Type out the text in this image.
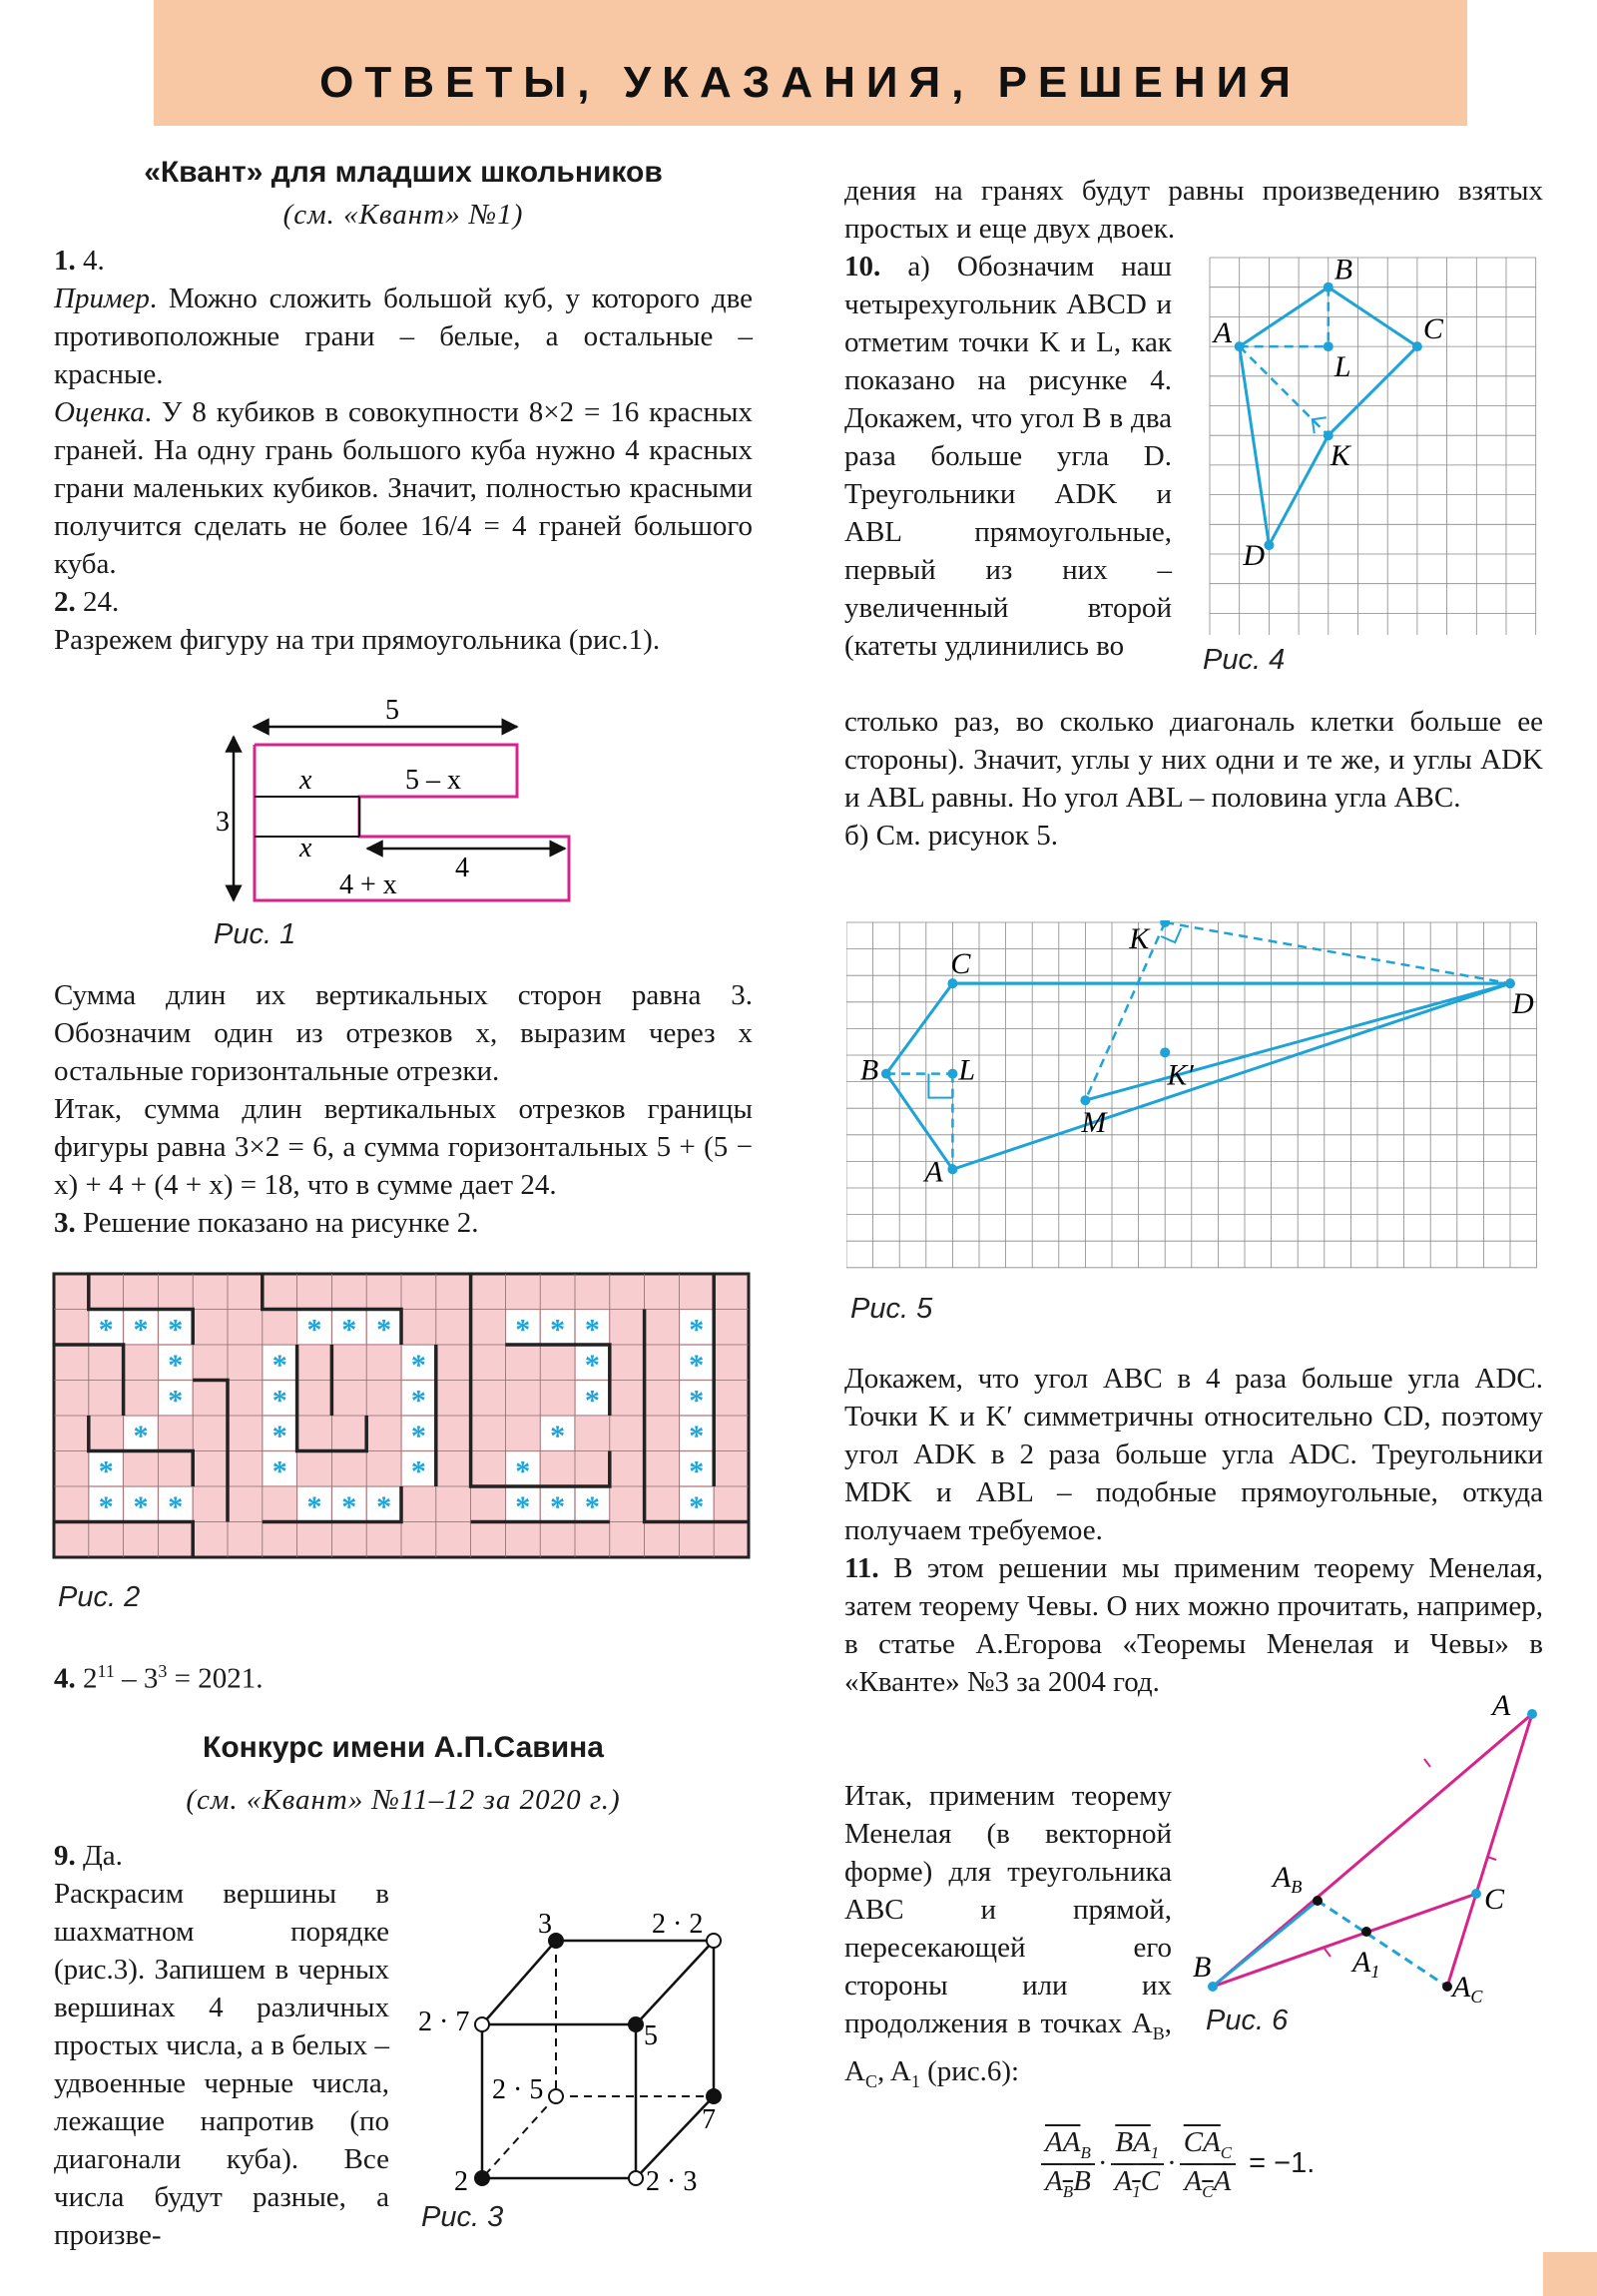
ОТВЕТЫ, УКАЗАНИЯ, РЕШЕНИЯ
«Квант» для младших школьников
(см. «Квант» №1)

1. 4.

Пример. Можно сложить большой куб, у которого две противоположные грани – белые, а остальные – красные.

Оценка. У 8 кубиков в совокупности 8×2 = 16 красных граней. На одну грань большого куба нужно 4 красных грани маленьких кубиков. Значит, полностью красными получится сделать не более 16/4 = 4 граней большого куба.

2. 24.

Разрежем фигуру на три прямоугольника (рис.1).

5
3
x	5 – x
x
4
4 + x
Рис. 1

Сумма длин их вертикальных сторон равна 3. Обозначим один из отрезков x, выразим через x остальные горизонтальные отрезки.

Итак, сумма длин вертикальных отрезков границы фигуры равна 3×2 = 6, а сумма горизонтальных 5 + (5 − x) + 4 + (4 + x) = 18, что в сумме дает 24.

3. Решение показано на рисунке 2.

* * *	* * *	* * *	*
*	*	*	*	*
*	*	*	*	*
*	*	*	*	*
*	*	*	*	*
* * *	* * *	* * *	*
Рис. 2
4. $2^{11} - 3^3 = 2021$.
Конкурс имени А.П.Савина
(см. «Квант» №11–12 за 2020 г.)

9. Да.

Раскрасим вершины в шахматном порядке (рис.3). Запишем в черных вершинах 4 различных простых числа, а в белых – удвоенные черные числа, лежащие напротив (по диагонали куба). Все числа будут разные, а произве-

3	2 · 2
2 · 7	5
2 · 5
7
2	2 · 3
Рис. 3

дения на гранях будут равны произведению взятых простых и еще двух двоек.

10. а) Обозначим наш четырехугольник ABCD и отметим точки K и L, как показано на рисунке 4. Докажем, что угол B в два раза больше угла D. Треугольники ADK и ABL прямоугольные, первый из них – увеличенный второй (катеты удлинились во

A
B
C
L
K
D
Рис. 4

столько раз, во сколько диагональ клетки больше ее стороны). Значит, углы у них одни и те же, и углы ADK и ABL равны. Но угол ABL – половина угла ABC.

б) См. рисунок 5.

K
C
D
B	L	K′
M
A
Рис. 5

Докажем, что угол ABC в 4 раза больше угла ADC. Точки K и K′ симметричны относительно CD, поэтому угол ADK в 2 раза больше угла ADC. Треугольники MDK и ABL – подобные прямоугольные, откуда получаем требуемое.

11. В этом решении мы применим теорему Менелая, затем теорему Чевы. О них можно прочитать, например, в статье А.Егорова «Теоремы Менелая и Чевы» в «Кванте» №3 за 2004 год.

Итак, применим теорему Менелая (в векторной форме) для треугольника ABC и прямой, пересекающей его стороны или их продолжения в точках $A_B$, $A_C$, $A_1$ (рис.6):

A
$A_B$	C
$A_1$
B
$A_C$
Рис. 6
$\frac{\overline{AA}_B}{A_BB} \cdot \frac{\overline{BA}_1}{A_1C} \cdot \frac{\overline{CA}_C}{A_CA} = -1$.
